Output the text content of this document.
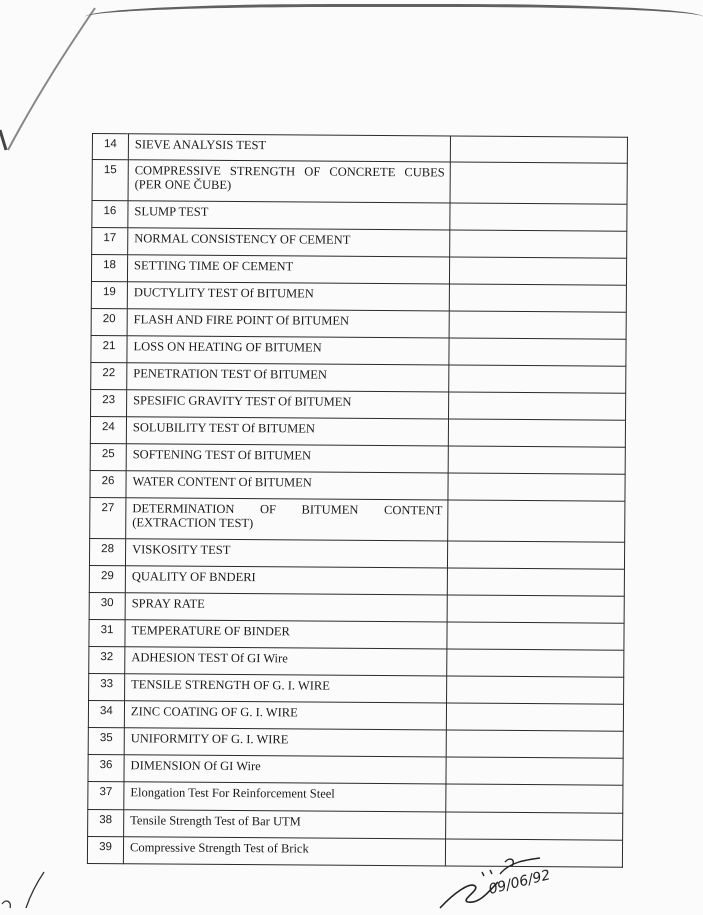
14	SIEVE ANALYSIS TEST	
15	COMPRESSIVE STRENGTH OF CONCRETE CUBES
(PER ONE ČUBE)	

16	SLUMP TEST	
17	NORMAL CONSISTENCY OF CEMENT	
18	SETTING TIME OF CEMENT	
19	DUCTYLITY TEST Of BITUMEN	
20	FLASH AND FIRE POINT Of BITUMEN	
21	LOSS ON HEATING OF BITUMEN	
22	PENETRATION TEST Of BITUMEN	
23	SPESIFIC GRAVITY TEST Of BITUMEN	
24	SOLUBILITY TEST Of BITUMEN	
25	SOFTENING TEST Of BITUMEN	
26	WATER CONTENT Of BITUMEN	
27	DETERMINATION OF BITUMEN CONTENT
(EXTRACTION TEST)	

28	VISKOSITY TEST	
29	QUALITY OF BNDERI	
30	SPRAY RATE	
31	TEMPERATURE OF BINDER	
32	ADHESION TEST Of GI Wire	
33	TENSILE STRENGTH OF G. I. WIRE	
34	ZINC COATING OF G. I. WIRE	
35	UNIFORMITY OF G. I. WIRE	
36	DIMENSION Of GI Wire	
37	Elongation Test For Reinforcement Steel	
38	Tensile Strength Test of Bar UTM	
39	Compressive Strength Test of Brick	
09/06/92
